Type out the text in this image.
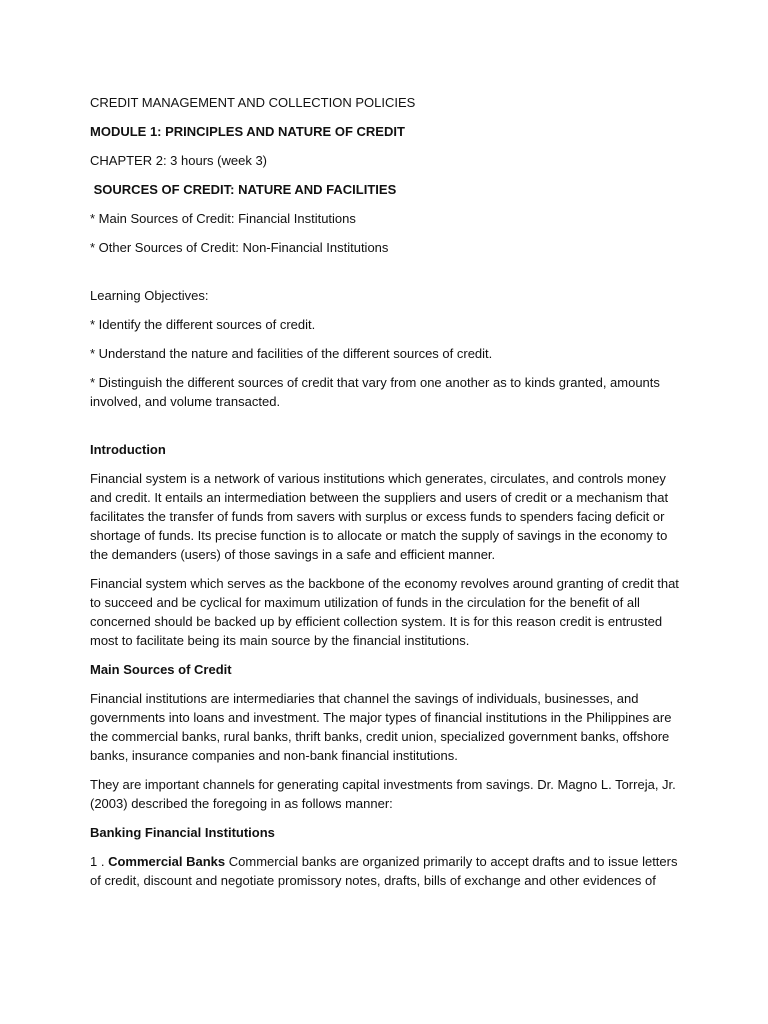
CREDIT MANAGEMENT AND COLLECTION POLICIES

MODULE 1: PRINCIPLES AND NATURE OF CREDIT

CHAPTER 2: 3 hours (week 3)

SOURCES OF CREDIT: NATURE AND FACILITIES

* Main Sources of Credit: Financial Institutions

* Other Sources of Credit: Non-Financial Institutions

Learning Objectives:

* Identify the different sources of credit.

* Understand the nature and facilities of the different sources of credit.

* Distinguish the different sources of credit that vary from one another as to kinds granted, amounts involved, and volume transacted.

Introduction

Financial system is a network of various institutions which generates, circulates, and controls money and credit. It entails an intermediation between the suppliers and users of credit or a mechanism that facilitates the transfer of funds from savers with surplus or excess funds to spenders facing deficit or shortage of funds. Its precise function is to allocate or match the supply of savings in the economy to the demanders (users) of those savings in a safe and efficient manner.

Financial system which serves as the backbone of the economy revolves around granting of credit that to succeed and be cyclical for maximum utilization of funds in the circulation for the benefit of all concerned should be backed up by efficient collection system. It is for this reason credit is entrusted most to facilitate being its main source by the financial institutions.

Main Sources of Credit

Financial institutions are intermediaries that channel the savings of individuals, businesses, and governments into loans and investment. The major types of financial institutions in the Philippines are the commercial banks, rural banks, thrift banks, credit union, specialized government banks, offshore banks, insurance companies and non-bank financial institutions.

They are important channels for generating capital investments from savings. Dr. Magno L. Torreja, Jr. (2003) described the foregoing in as follows manner:

Banking Financial Institutions

1 . Commercial Banks Commercial banks are organized primarily to accept drafts and to issue letters of credit, discount and negotiate promissory notes, drafts, bills of exchange and other evidences of
